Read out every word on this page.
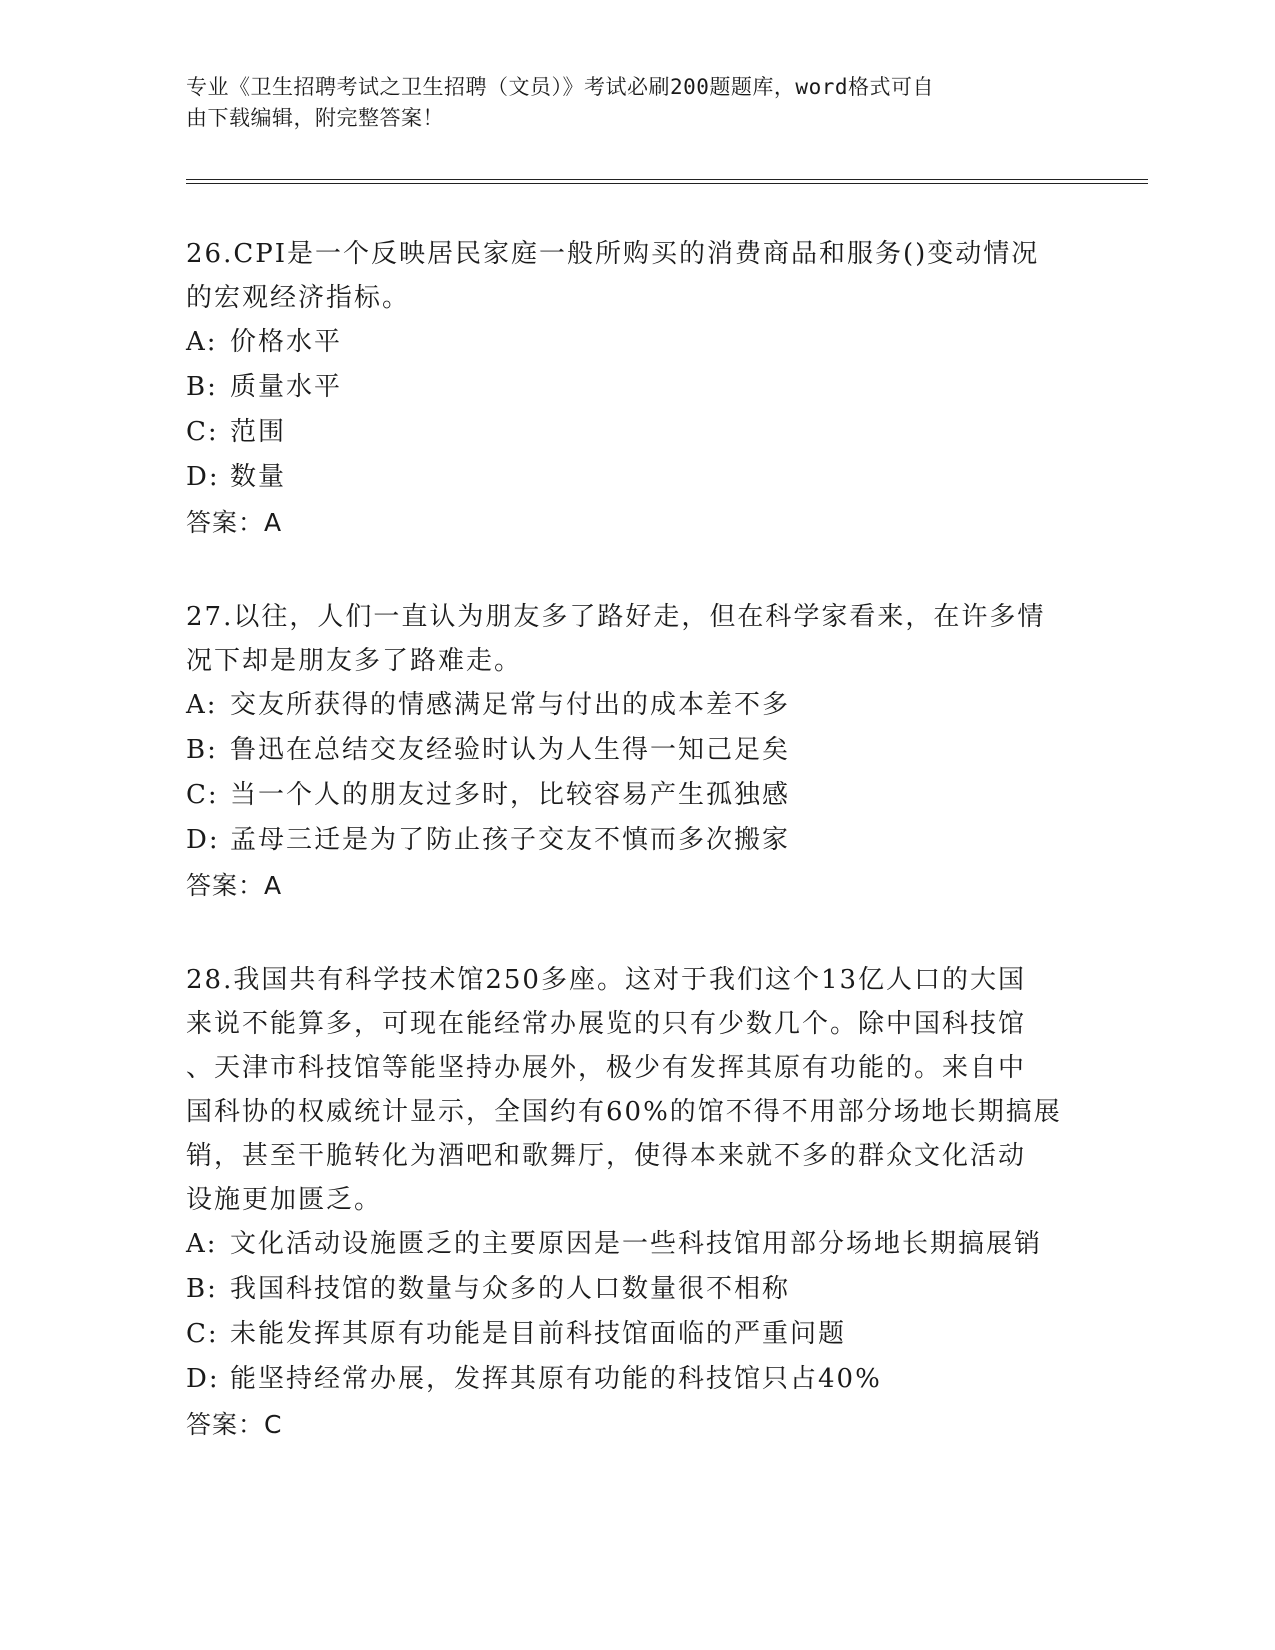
专业《卫生招聘考试之卫生招聘（文员）》考试必刷200题题库，word格式可自
由下载编辑，附完整答案！

26.CPI是一个反映居民家庭一般所购买的消费商品和服务()变动情况

的宏观经济指标。

A: 价格水平

B: 质量水平

C: 范围

D: 数量

答案：A

27.以往，人们一直认为朋友多了路好走，但在科学家看来，在许多情

况下却是朋友多了路难走。

A: 交友所获得的情感满足常与付出的成本差不多

B: 鲁迅在总结交友经验时认为人生得一知己足矣

C: 当一个人的朋友过多时，比较容易产生孤独感

D: 孟母三迁是为了防止孩子交友不慎而多次搬家

答案：A

28.我国共有科学技术馆250多座。这对于我们这个13亿人口的大国

来说不能算多，可现在能经常办展览的只有少数几个。除中国科技馆

、天津市科技馆等能坚持办展外，极少有发挥其原有功能的。来自中

国科协的权威统计显示，全国约有60%的馆不得不用部分场地长期搞展

销，甚至干脆转化为酒吧和歌舞厅，使得本来就不多的群众文化活动

设施更加匮乏。

A: 文化活动设施匮乏的主要原因是一些科技馆用部分场地长期搞展销

B: 我国科技馆的数量与众多的人口数量很不相称

C: 未能发挥其原有功能是目前科技馆面临的严重问题

D: 能坚持经常办展，发挥其原有功能的科技馆只占40%

答案：C
